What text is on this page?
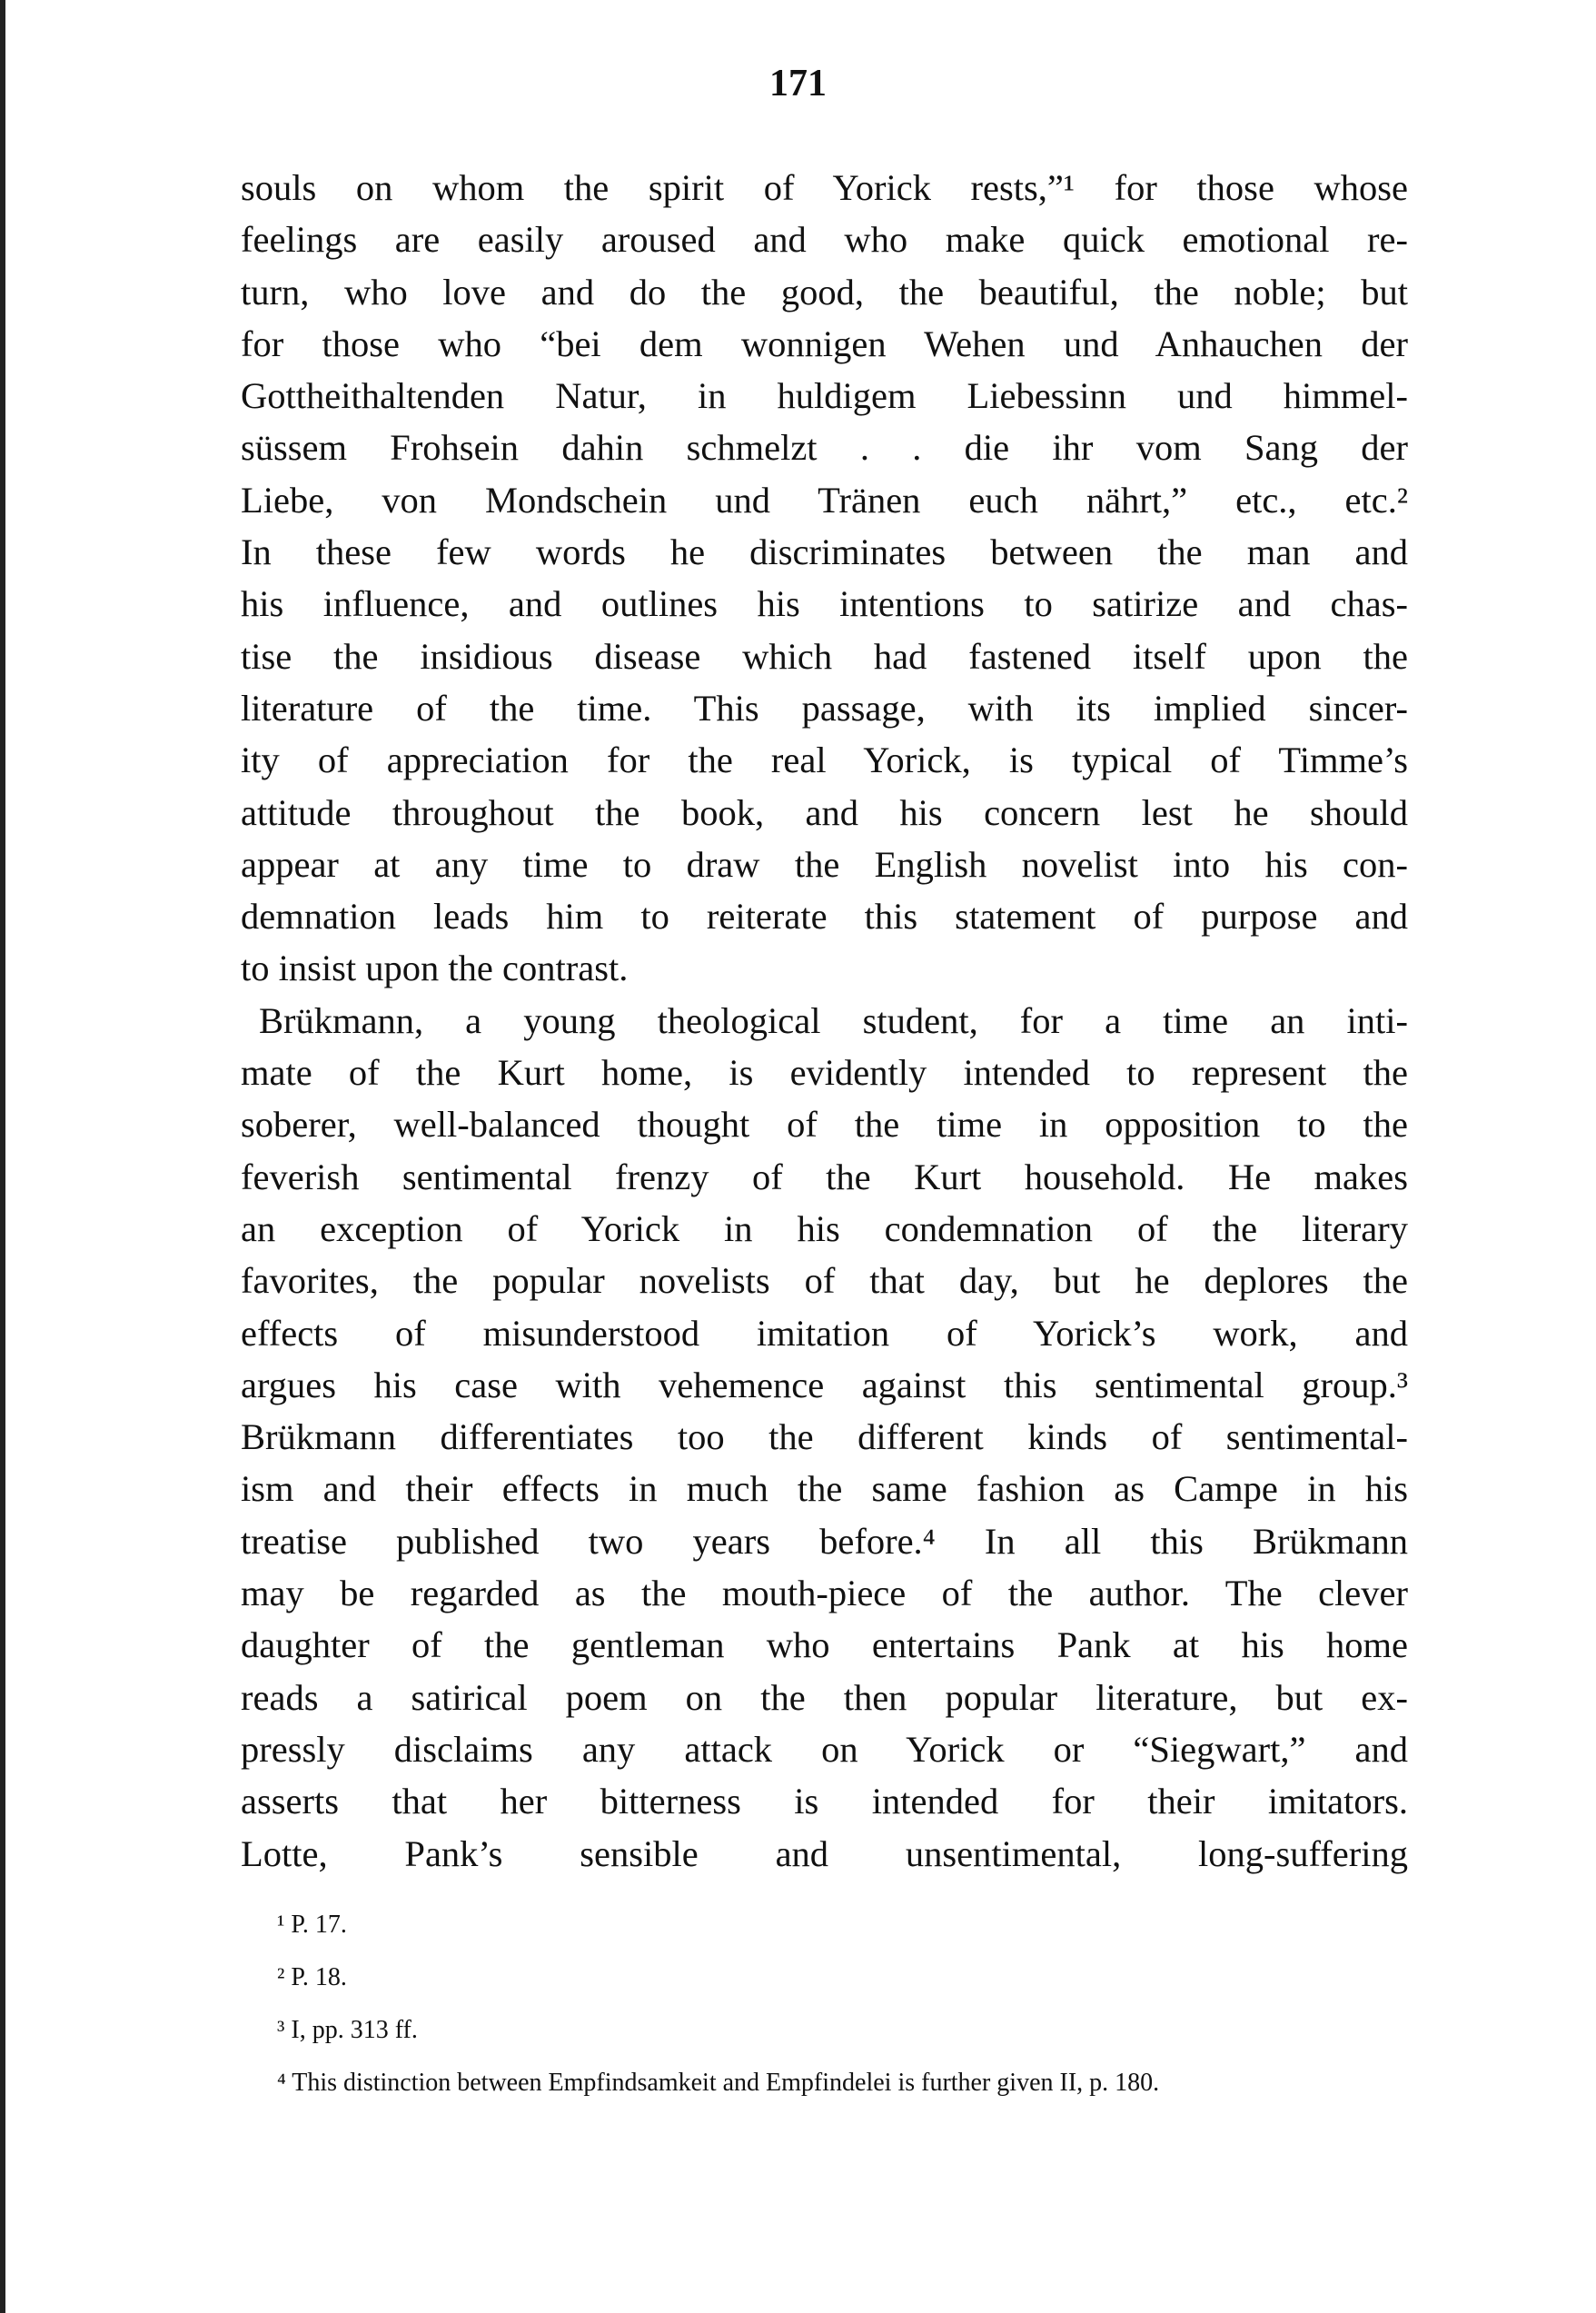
171
souls on whom the spirit of Yorick rests,”¹ for those whose
feelings are easily aroused and who make quick emotional re-
turn, who love and do the good, the beautiful, the noble; but
for those who “bei dem wonnigen Wehen und Anhauchen der
Gottheithaltenden Natur, in huldigem Liebessinn und himmel-
süssem Frohsein dahin schmelzt . . die ihr vom Sang der
Liebe, von Mondschein und Tränen euch nährt,” etc., etc.²
In these few words he discriminates between the man and
his influence, and outlines his intentions to satirize and chas-
tise the insidious disease which had fastened itself upon the
literature of the time. This passage, with its implied sincer-
ity of appreciation for the real Yorick, is typical of Timme’s
attitude throughout the book, and his concern lest he should
appear at any time to draw the English novelist into his con-
demnation leads him to reiterate this statement of purpose and
to insist upon the contrast.
Brükmann, a young theological student, for a time an inti-
mate of the Kurt home, is evidently intended to represent the
soberer, well-balanced thought of the time in opposition to the
feverish sentimental frenzy of the Kurt household. He makes
an exception of Yorick in his condemnation of the literary
favorites, the popular novelists of that day, but he deplores the
effects of misunderstood imitation of Yorick’s work, and
argues his case with vehemence against this sentimental group.³
Brükmann differentiates too the different kinds of sentimental-
ism and their effects in much the same fashion as Campe in his
treatise published two years before.⁴ In all this Brükmann
may be regarded as the mouth-piece of the author. The clever
daughter of the gentleman who entertains Pank at his home
reads a satirical poem on the then popular literature, but ex-
pressly disclaims any attack on Yorick or “Siegwart,” and
asserts that her bitterness is intended for their imitators.
Lotte, Pank’s sensible and unsentimental, long-suffering
¹ P. 17.
² P. 18.
³ I, pp. 313 ff.
⁴ This distinction between Empfindsamkeit and Empfindelei is further given II, p. 180.
